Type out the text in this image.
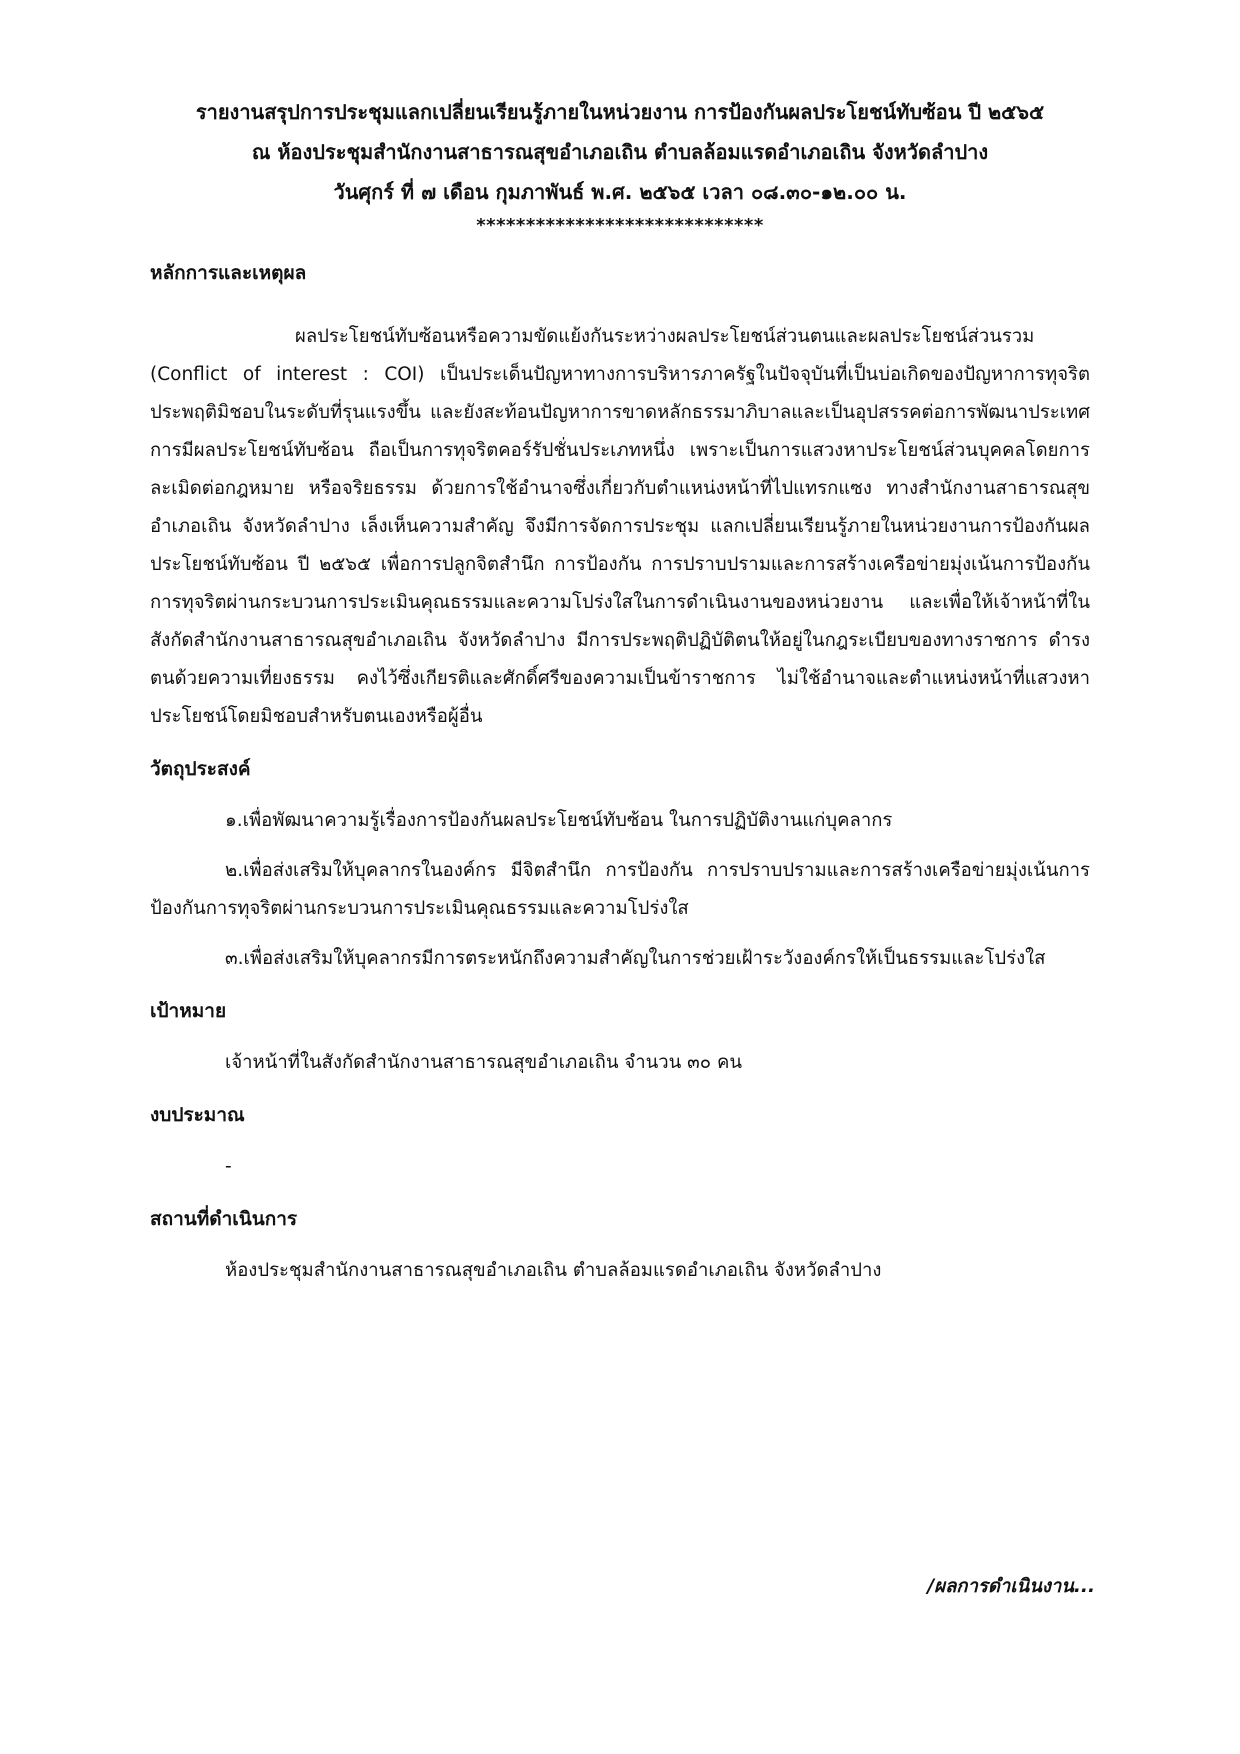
รายงานสรุปการประชุมแลกเปลี่ยนเรียนรู้ภายในหน่วยงาน การป้องกันผลประโยชน์ทับซ้อน ปี ๒๕๖๕
ณ ห้องประชุมสำนักงานสาธารณสุขอำเภอเถิน ตำบลล้อมแรดอำเภอเถิน จังหวัดลำปาง
วันศุกร์ ที่ ๗ เดือน กุมภาพันธ์ พ.ศ. ๒๕๖๕ เวลา ๐๘.๓๐-๑๒.๐๐ น.
*****************************
หลักการและเหตุผล
ผลประโยชน์ทับซ้อนหรือความขัดแย้งกันระหว่างผลประโยชน์ส่วนตนและผลประโยชน์ส่วนรวม (Conflict of interest : COI) เป็นประเด็นปัญหาทางการบริหารภาครัฐในปัจจุบันที่เป็นบ่อเกิดของปัญหาการทุจริตประพฤติมิชอบในระดับที่รุนแรงขึ้น และยังสะท้อนปัญหาการขาดหลักธรรมาภิบาลและเป็นอุปสรรคต่อการพัฒนาประเทศ การมีผลประโยชน์ทับซ้อน ถือเป็นการทุจริตคอร์รัปชั่นประเภทหนึ่ง เพราะเป็นการแสวงหาประโยชน์ส่วนบุคคลโดยการละเมิดต่อกฎหมาย หรือจริยธรรม ด้วยการใช้อำนาจซึ่งเกี่ยวกับตำแหน่งหน้าที่ไปแทรกแซง ทางสำนักงานสาธารณสุขอำเภอเถิน จังหวัดลำปาง เล็งเห็นความสำคัญ จึงมีการจัดการประชุม แลกเปลี่ยนเรียนรู้ภายในหน่วยงานการป้องกันผลประโยชน์ทับซ้อน ปี ๒๕๖๕ เพื่อการปลูกจิตสำนึก การป้องกัน การปราบปรามและการสร้างเครือข่ายมุ่งเน้นการป้องกัน การทุจริตผ่านกระบวนการประเมินคุณธรรมและความโปร่งใสในการดำเนินงานของหน่วยงาน และเพื่อให้เจ้าหน้าที่ในสังกัดสำนักงานสาธารณสุขอำเภอเถิน จังหวัดลำปาง มีการประพฤติปฏิบัติตนให้อยู่ในกฎระเบียบของทางราชการ ดำรงตนด้วยความเที่ยงธรรม คงไว้ซึ่งเกียรติและศักดิ์ศรีของความเป็นข้าราชการ ไม่ใช้อำนาจและตำแหน่งหน้าที่แสวงหาประโยชน์โดยมิชอบสำหรับตนเองหรือผู้อื่น
วัตถุประสงค์
๑.เพื่อพัฒนาความรู้เรื่องการป้องกันผลประโยชน์ทับซ้อน ในการปฏิบัติงานแก่บุคลากร
๒.เพื่อส่งเสริมให้บุคลากรในองค์กร มีจิตสำนึก การป้องกัน การปราบปรามและการสร้างเครือข่ายมุ่งเน้นการป้องกันการทุจริตผ่านกระบวนการประเมินคุณธรรมและความโปร่งใส
๓.เพื่อส่งเสริมให้บุคลากรมีการตระหนักถึงความสำคัญในการช่วยเฝ้าระวังองค์กรให้เป็นธรรมและโปร่งใส
เป้าหมาย
เจ้าหน้าที่ในสังกัดสำนักงานสาธารณสุขอำเภอเถิน จำนวน ๓๐ คน
งบประมาณ
-
สถานที่ดำเนินการ
ห้องประชุมสำนักงานสาธารณสุขอำเภอเถิน ตำบลล้อมแรดอำเภอเถิน จังหวัดลำปาง
/ผลการดำเนินงาน...
